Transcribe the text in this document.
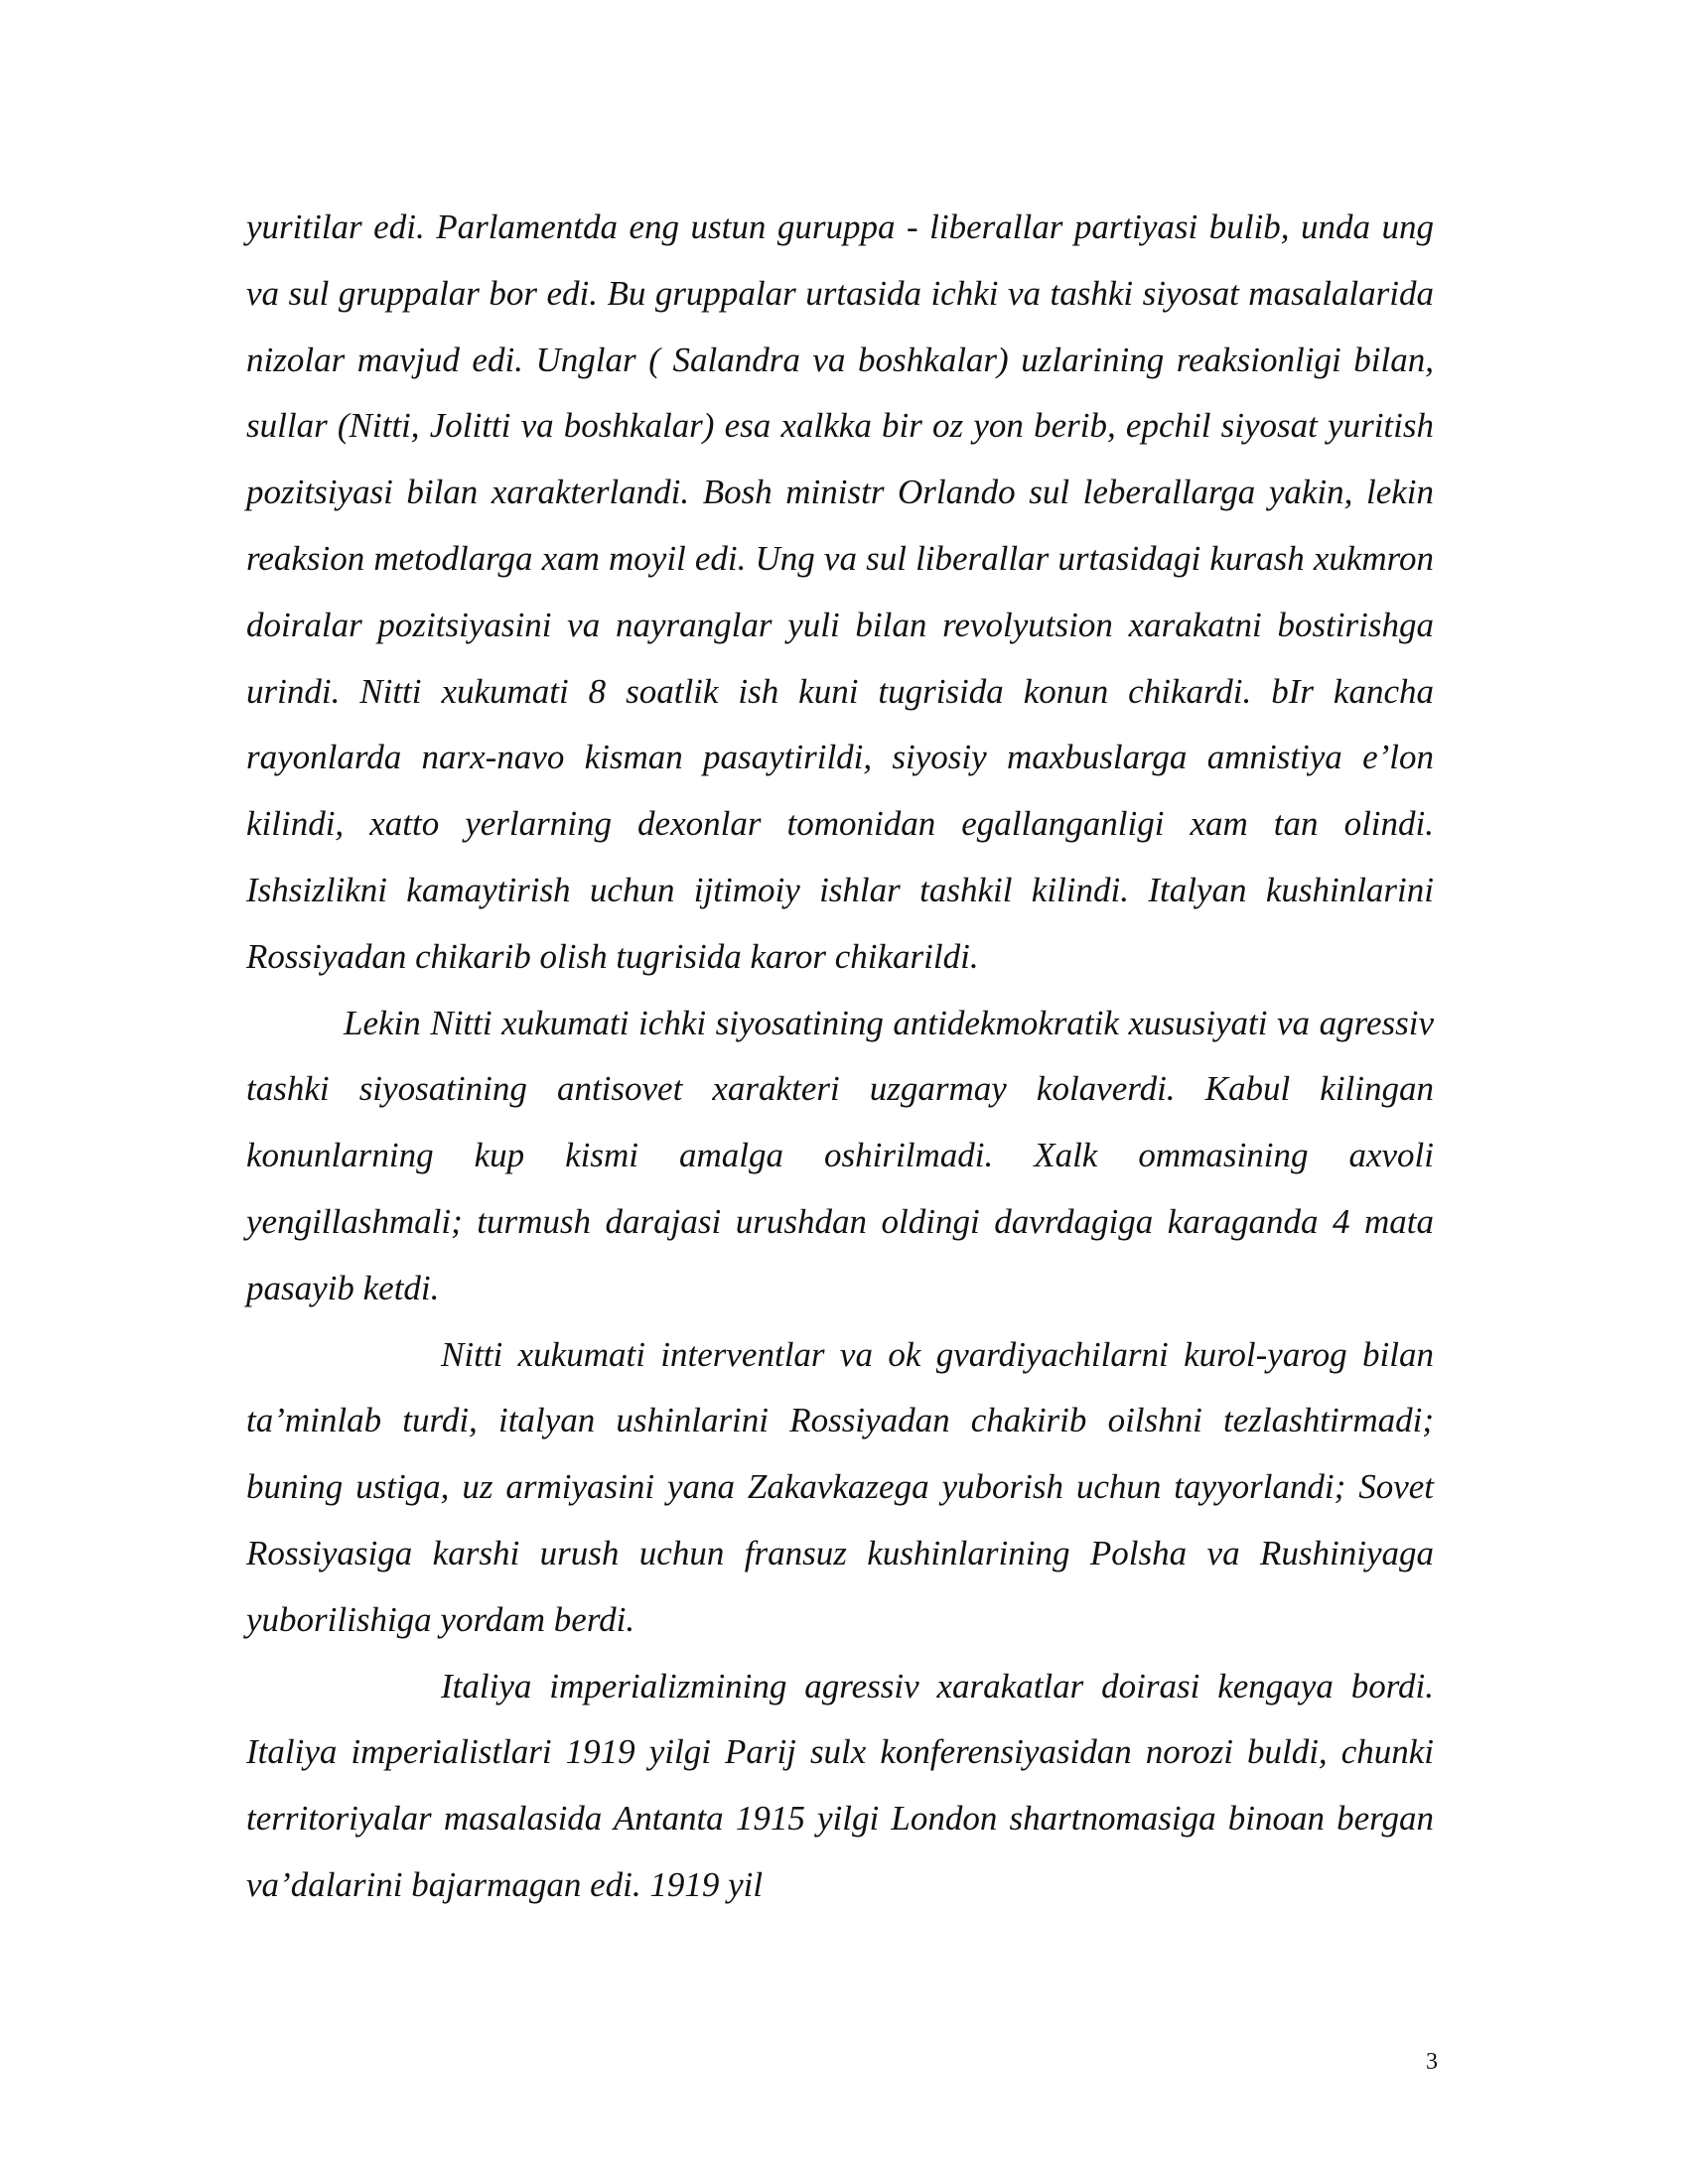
yuritilar edi. Parlamentda eng ustun guruppa - liberallar partiyasi bulib, unda ung va sul gruppalar bor edi. Bu gruppalar urtasida ichki va tashki siyosat masalalarida nizolar mavjud edi. Unglar ( Salandra va boshkalar) uzlarining reaksionligi bilan, sullar (Nitti, Jolitti va boshkalar) esa xalkka bir oz yon berib, epchil siyosat yuritish pozitsiyasi bilan xarakterlandi. Bosh ministr Orlando sul leberallarga yakin, lekin reaksion metodlarga xam moyil edi. Ung va sul liberallar urtasidagi kurash xukmron doiralar pozitsiyasini va nayranglar yuli bilan revolyutsion xarakatni bostirishga urindi. Nitti xukumati 8 soatlik ish kuni tugrisida konun chikardi. bIr kancha rayonlarda narx-navo kisman pasaytirildi, siyosiy maxbuslarga amnistiya e’lon kilindi, xatto yerlarning dexonlar tomonidan egallanganligi xam tan olindi. Ishsizlikni kamaytirish uchun ijtimoiy ishlar tashkil kilindi. Italyan kushinlarini Rossiyadan chikarib olish tugrisida karor chikarildi.

Lekin Nitti xukumati ichki siyosatining antidekmokratik xususiyati va agressiv tashki siyosatining antisovet xarakteri uzgarmay kolaverdi. Kabul kilingan konunlarning kup kismi amalga oshirilmadi. Xalk ommasining axvoli yengillashmali; turmush darajasi urushdan oldingi davrdagiga karaganda 4 mata pasayib ketdi.

Nitti xukumati interventlar va ok gvardiyachilarni kurol-yarog bilan ta’minlab turdi, italyan ushinlarini Rossiyadan chakirib oilshni tezlashtirmadi; buning ustiga, uz armiyasini yana Zakavkazega yuborish uchun tayyorlandi; Sovet Rossiyasiga karshi urush uchun fransuz kushinlarining Polsha va Rushiniyaga yuborilishiga yordam berdi.

Italiya imperializmining agressiv xarakatlar doirasi kengaya bordi. Italiya imperialistlari 1919 yilgi Parij sulx konferensiyasidan norozi buldi, chunki territoriyalar masalasida Antanta 1915 yilgi London shartnomasiga binoan bergan va’dalarini bajarmagan edi. 1919 yil

3
